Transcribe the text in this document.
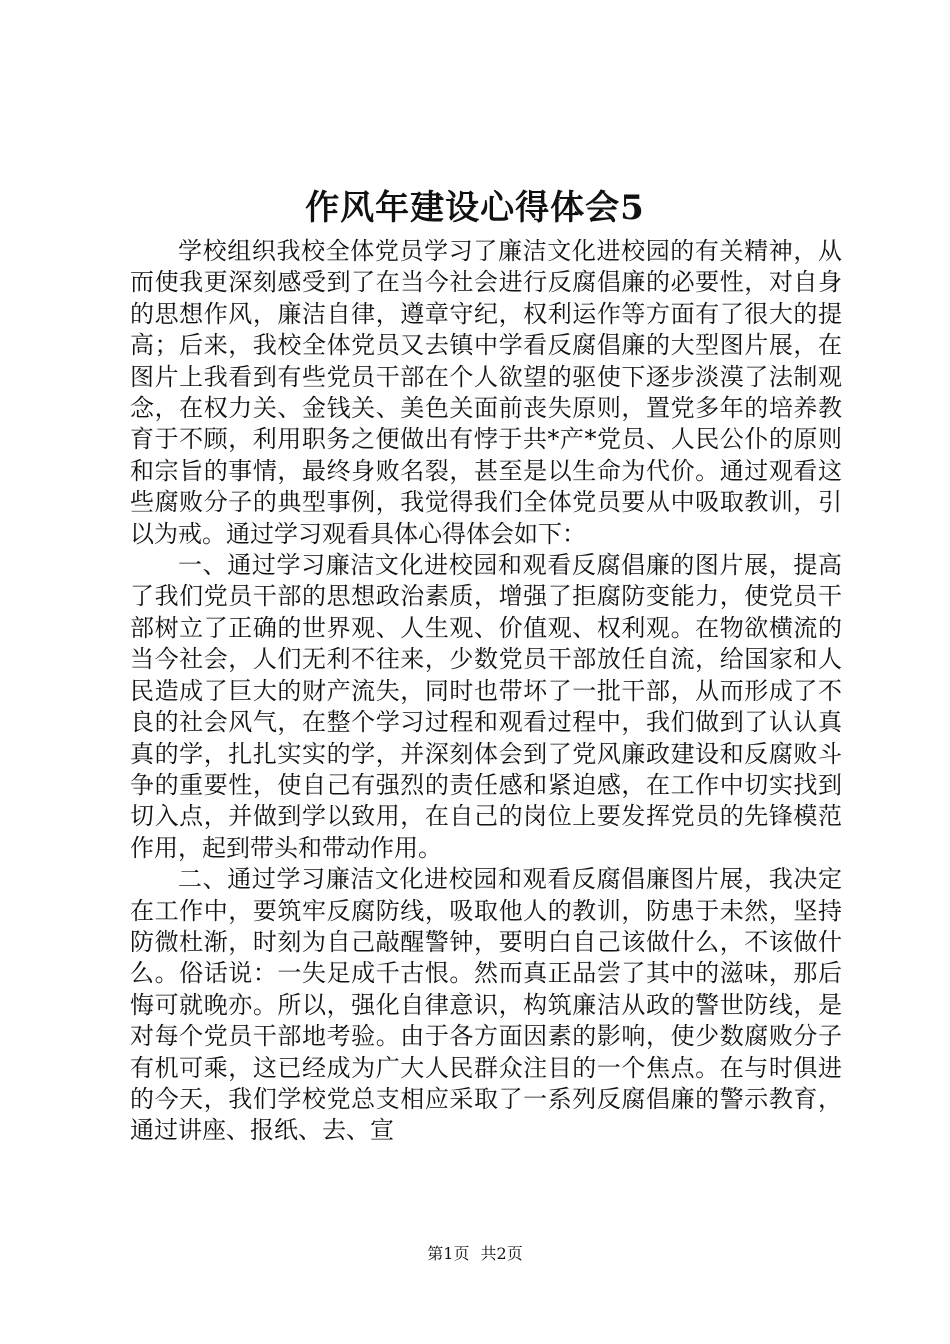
作风年建设心得体会5

学校组织我校全体党员学习了廉洁文化进校园的有关精神，从而使我更深刻感受到了在当今社会进行反腐倡廉的必要性，对自身的思想作风，廉洁自律，遵章守纪，权利运作等方面有了很大的提高；后来，我校全体党员又去镇中学看反腐倡廉的大型图片展，在图片上我看到有些党员干部在个人欲望的驱使下逐步淡漠了法制观念，在权力关、金钱关、美色关面前丧失原则，置党多年的培养教育于不顾，利用职务之便做出有悖于共*产*党员、人民公仆的原则和宗旨的事情，最终身败名裂，甚至是以生命为代价。通过观看这些腐败分子的典型事例，我觉得我们全体党员要从中吸取教训，引以为戒。通过学习观看具体心得体会如下：

一、通过学习廉洁文化进校园和观看反腐倡廉的图片展，提高了我们党员干部的思想政治素质，增强了拒腐防变能力，使党员干部树立了正确的世界观、人生观、价值观、权利观。在物欲横流的当今社会，人们无利不往来，少数党员干部放任自流，给国家和人民造成了巨大的财产流失，同时也带坏了一批干部，从而形成了不良的社会风气，在整个学习过程和观看过程中，我们做到了认认真真的学，扎扎实实的学，并深刻体会到了党风廉政建设和反腐败斗争的重要性，使自己有强烈的责任感和紧迫感，在工作中切实找到切入点，并做到学以致用，在自己的岗位上要发挥党员的先锋模范作用，起到带头和带动作用。

二、通过学习廉洁文化进校园和观看反腐倡廉图片展，我决定在工作中，要筑牢反腐防线，吸取他人的教训，防患于未然，坚持防微杜渐，时刻为自己敲醒警钟，要明白自己该做什么，不该做什么。俗话说：一失足成千古恨。然而真正品尝了其中的滋味，那后悔可就晚亦。所以，强化自律意识，构筑廉洁从政的警世防线，是对每个党员干部地考验。由于各方面因素的影响，使少数腐败分子有机可乘，这已经成为广大人民群众注目的一个焦点。在与时俱进的今天，我们学校党总支相应采取了一系列反腐倡廉的警示教育，通过讲座、报纸、去、宣

第1页 共2页
